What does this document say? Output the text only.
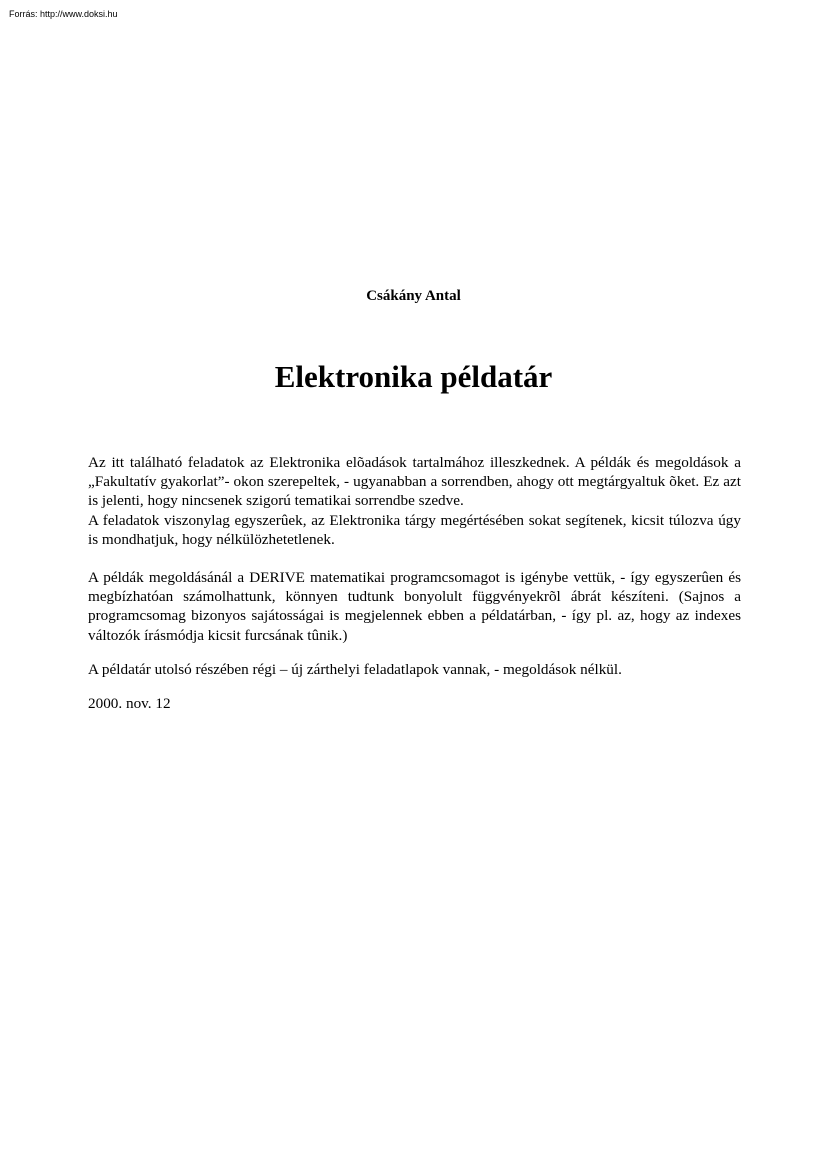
Forrás: http://www.doksi.hu
Csákány Antal
Elektronika példatár

Az itt található feladatok az Elektronika elõadások tartalmához illeszkednek. A példák és megoldások a „Fakultatív gyakorlat”- okon szerepeltek, - ugyanabban a sorrendben, ahogy ott megtárgyaltuk õket. Ez azt is jelenti, hogy nincsenek szigorú tematikai sorrendbe szedve.

A feladatok viszonylag egyszerûek, az Elektronika tárgy megértésében sokat segítenek, kicsit túlozva úgy is mondhatjuk, hogy nélkülözhetetlenek.

A példák megoldásánál a DERIVE matematikai programcsomagot is igénybe vettük, - így egyszerûen és megbízhatóan számolhattunk, könnyen tudtunk bonyolult függvényekrõl ábrát készíteni. (Sajnos a programcsomag bizonyos sajátosságai is megjelennek ebben a példatárban, - így pl. az, hogy az indexes változók írásmódja kicsit furcsának tûnik.)

A példatár utolsó részében régi – új zárthelyi feladatlapok vannak, - megoldások nélkül.

2000. nov. 12
